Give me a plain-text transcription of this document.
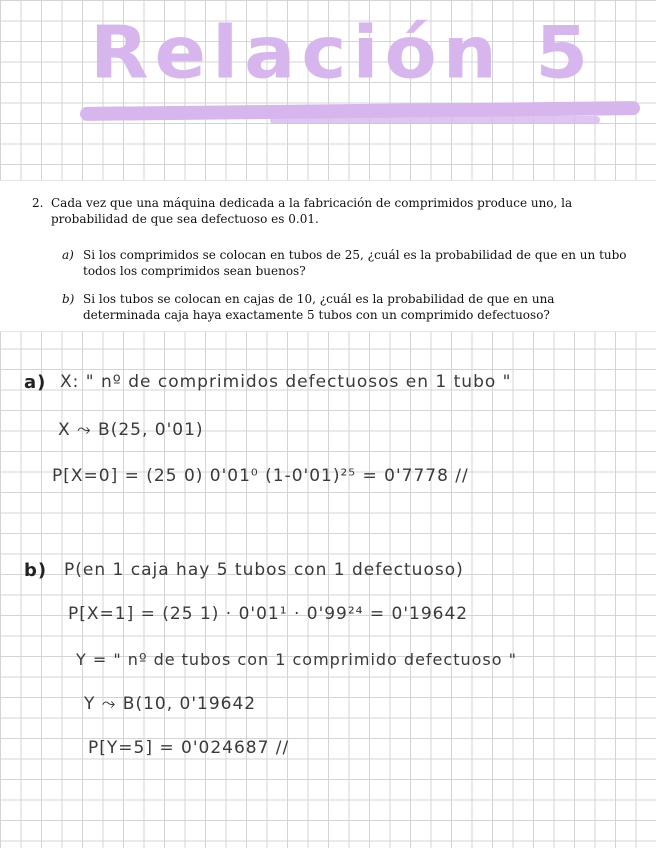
Relación 5
2. Cada vez que una máquina dedicada a la fabricación de comprimidos produce uno, la probabilidad de que sea defectuoso es 0.01.
a) Si los comprimidos se colocan en tubos de 25, ¿cuál es la probabilidad de que en un tubo todos los comprimidos sean buenos?
b) Si los tubos se colocan en cajas de 10, ¿cuál es la probabilidad de que en una determinada caja haya exactamente 5 tubos con un comprimido defectuoso?
a) X: " nº de comprimidos defectuosos en 1 tubo "
X ⤳ B(25, 0'01)
P[X=0] = (25 0) 0'01⁰ (1-0'01)²⁵ = 0'7778 //
b) P(en 1 caja hay 5 tubos con 1 defectuoso)
P[X=1] = (25 1) · 0'01¹ · 0'99²⁴ = 0'19642
Y = " nº de tubos con 1 comprimido defectuoso "
Y ⤳ B(10, 0'19642
P[Y=5] = 0'024687 //
